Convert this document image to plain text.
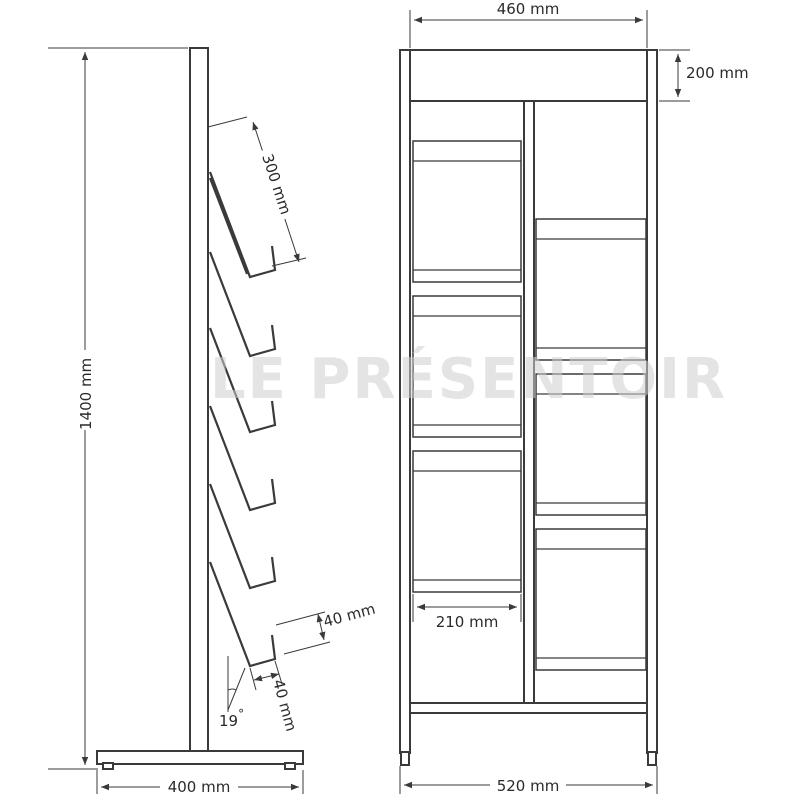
1400 mm
400 mm
300 mm
40 mm
40 mm
19°
460 mm
200 mm
210 mm
520 mm
LE PRÉSENTOIR
